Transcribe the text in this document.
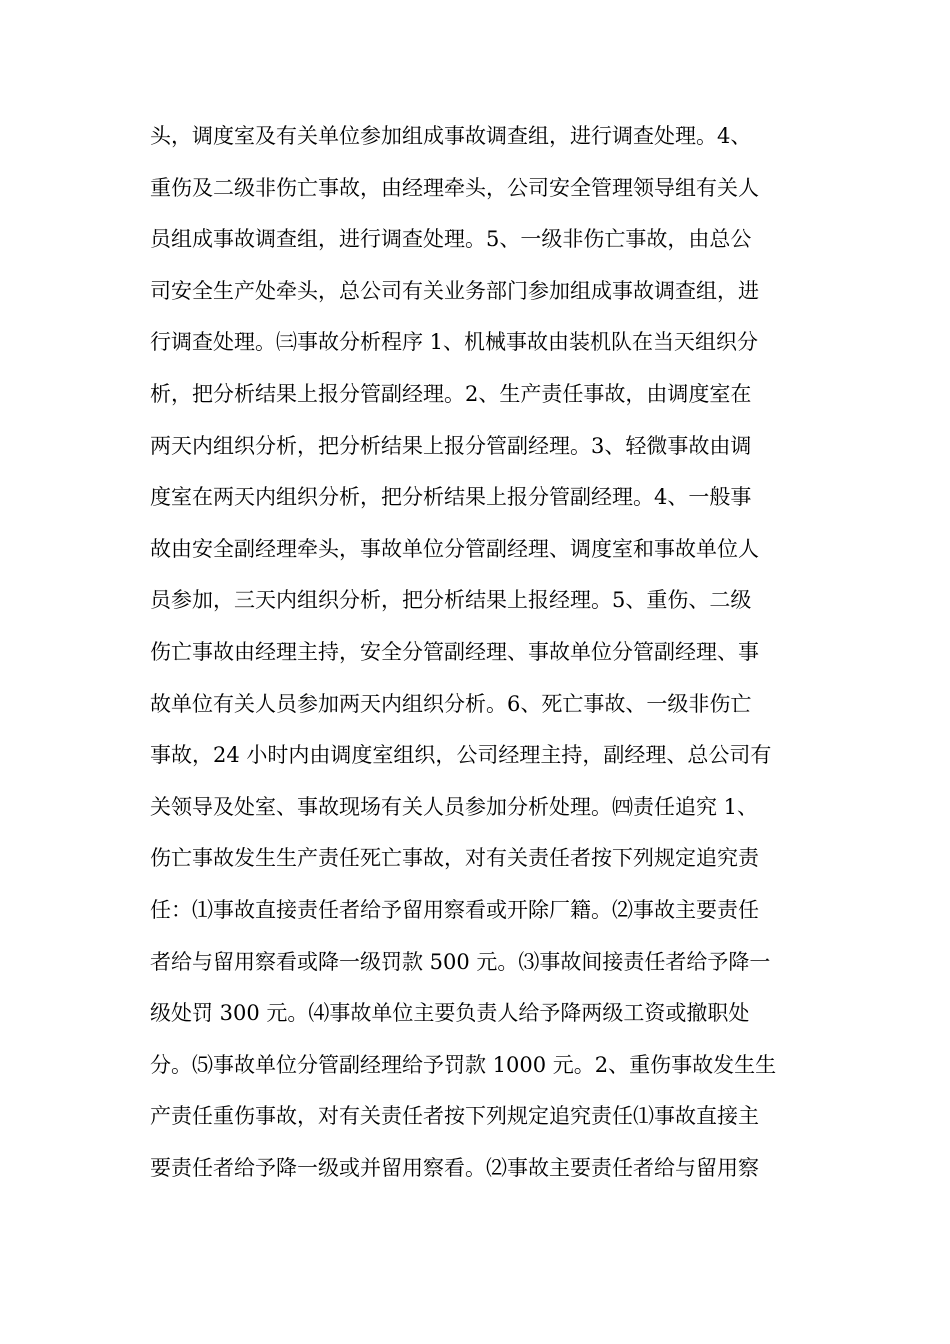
头，调度室及有关单位参加组成事故调查组，进行调查处理。4、
重伤及二级非伤亡事故，由经理牵头，公司安全管理领导组有关人
员组成事故调查组，进行调查处理。5、一级非伤亡事故，由总公
司安全生产处牵头，总公司有关业务部门参加组成事故调查组，进
行调查处理。㈢事故分析程序 1、机械事故由装机队在当天组织分
析，把分析结果上报分管副经理。2、生产责任事故，由调度室在
两天内组织分析，把分析结果上报分管副经理。3、轻微事故由调
度室在两天内组织分析，把分析结果上报分管副经理。4、一般事
故由安全副经理牵头，事故单位分管副经理、调度室和事故单位人
员参加，三天内组织分析，把分析结果上报经理。5、重伤、二级
伤亡事故由经理主持，安全分管副经理、事故单位分管副经理、事
故单位有关人员参加两天内组织分析。6、死亡事故、一级非伤亡
事故，24 小时内由调度室组织，公司经理主持，副经理、总公司有
关领导及处室、事故现场有关人员参加分析处理。㈣责任追究 1、
伤亡事故发生生产责任死亡事故，对有关责任者按下列规定追究责
任：⑴事故直接责任者给予留用察看或开除厂籍。⑵事故主要责任
者给与留用察看或降一级罚款 500 元。⑶事故间接责任者给予降一
级处罚 300 元。⑷事故单位主要负责人给予降两级工资或撤职处
分。⑸事故单位分管副经理给予罚款 1000 元。2、重伤事故发生生
产责任重伤事故，对有关责任者按下列规定追究责任⑴事故直接主
要责任者给予降一级或并留用察看。⑵事故主要责任者给与留用察
